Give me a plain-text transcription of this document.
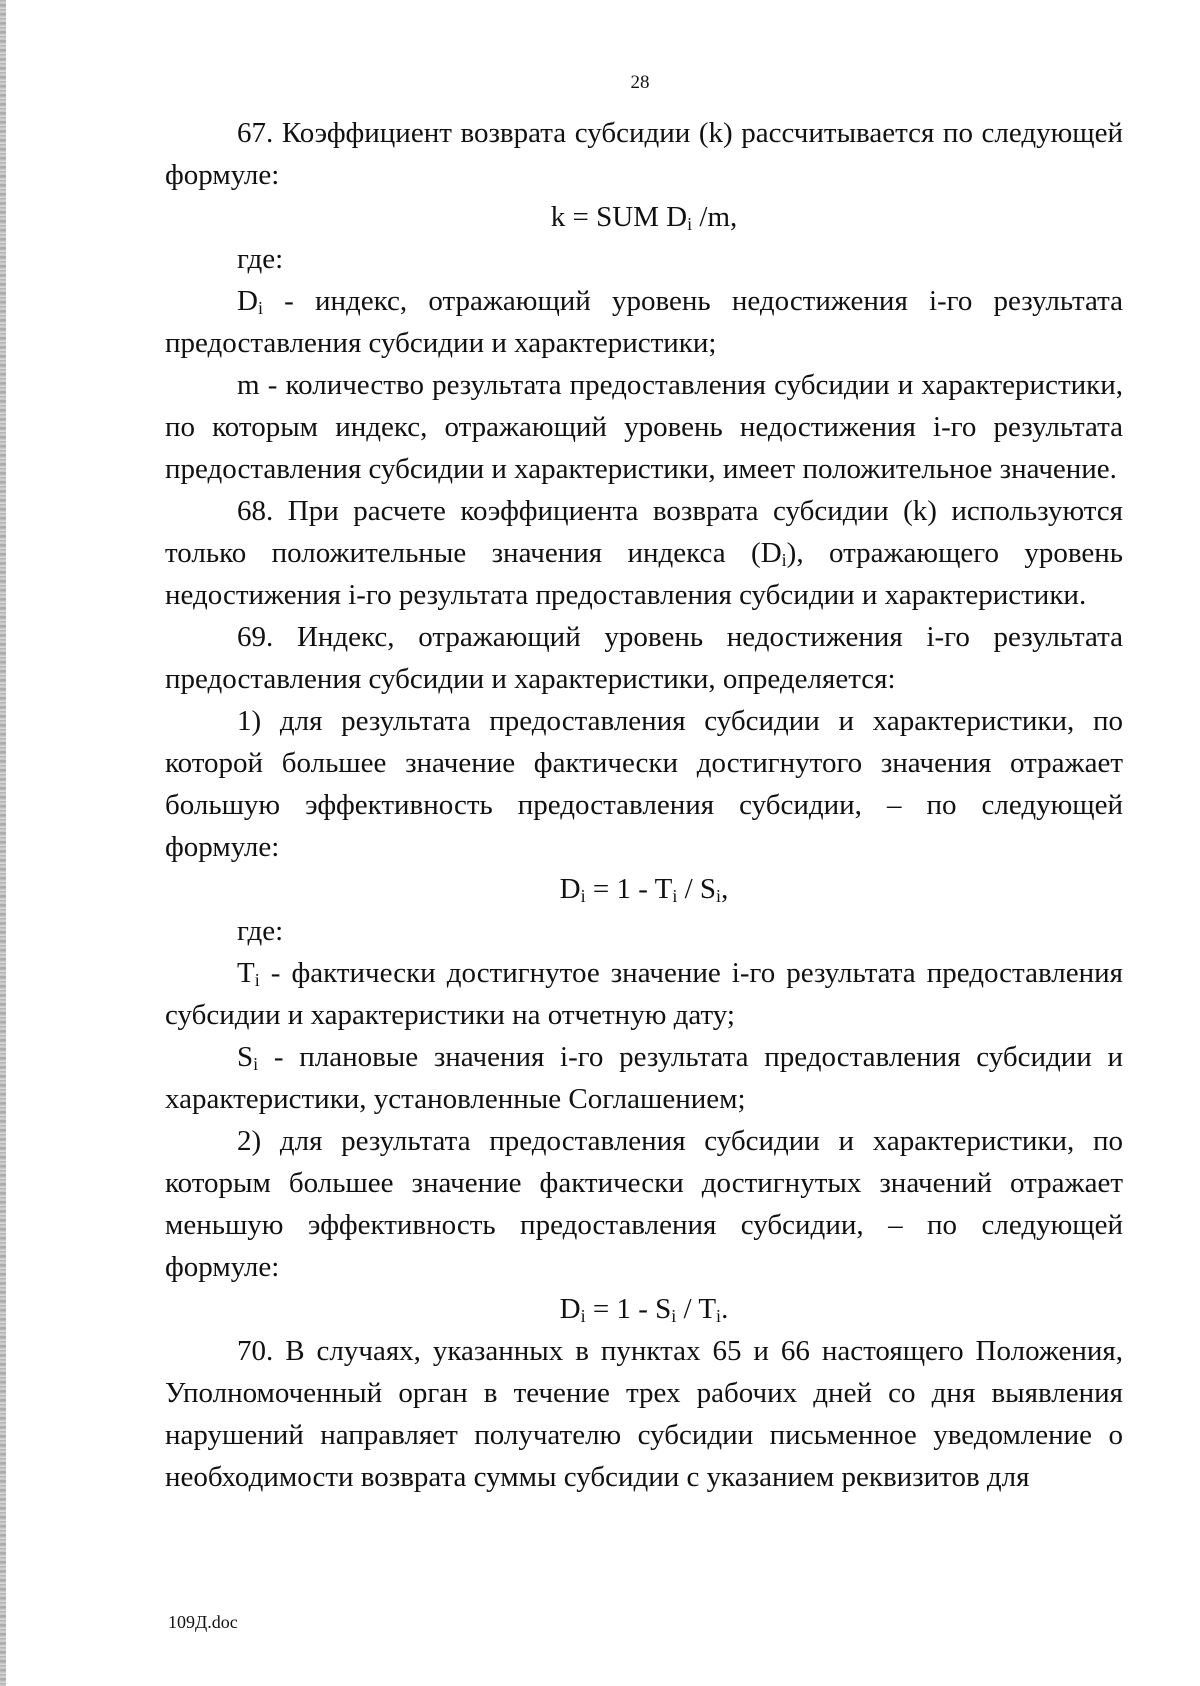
28

67. Коэффициент возврата субсидии (k) рассчитывается по следующей формуле:

k = SUM $D_i$ /m,

где:

$D_i$ - индекс, отражающий уровень недостижения i-го результата предоставления субсидии и характеристики;

m - количество результата предоставления субсидии и характеристики, по которым индекс, отражающий уровень недостижения i-го результата предоставления субсидии и характеристики, имеет положительное значение.

68. При расчете коэффициента возврата субсидии (k) используются только положительные значения индекса $(D_i)$, отражающего уровень недостижения i-го результата предоставления субсидии и характеристики.

69. Индекс, отражающий уровень недостижения i-го результата предоставления субсидии и характеристики, определяется:

1) для результата предоставления субсидии и характеристики, по которой большее значение фактически достигнутого значения отражает большую эффективность предоставления субсидии, – по следующей формуле:

$D_i = 1 - T_i / S_i$,

где:

$T_i$ - фактически достигнутое значение i-го результата предоставления субсидии и характеристики на отчетную дату;

$S_i$ - плановые значения i-го результата предоставления субсидии и характеристики, установленные Соглашением;

2) для результата предоставления субсидии и характеристики, по которым большее значение фактически достигнутых значений отражает меньшую эффективность предоставления субсидии, – по следующей формуле:

$D_i = 1 - S_i / T_i$.

70. В случаях, указанных в пунктах 65 и 66 настоящего Положения, Уполномоченный орган в течение трех рабочих дней со дня выявления нарушений направляет получателю субсидии письменное уведомление о необходимости возврата суммы субсидии с указанием реквизитов для

109Д.doc
